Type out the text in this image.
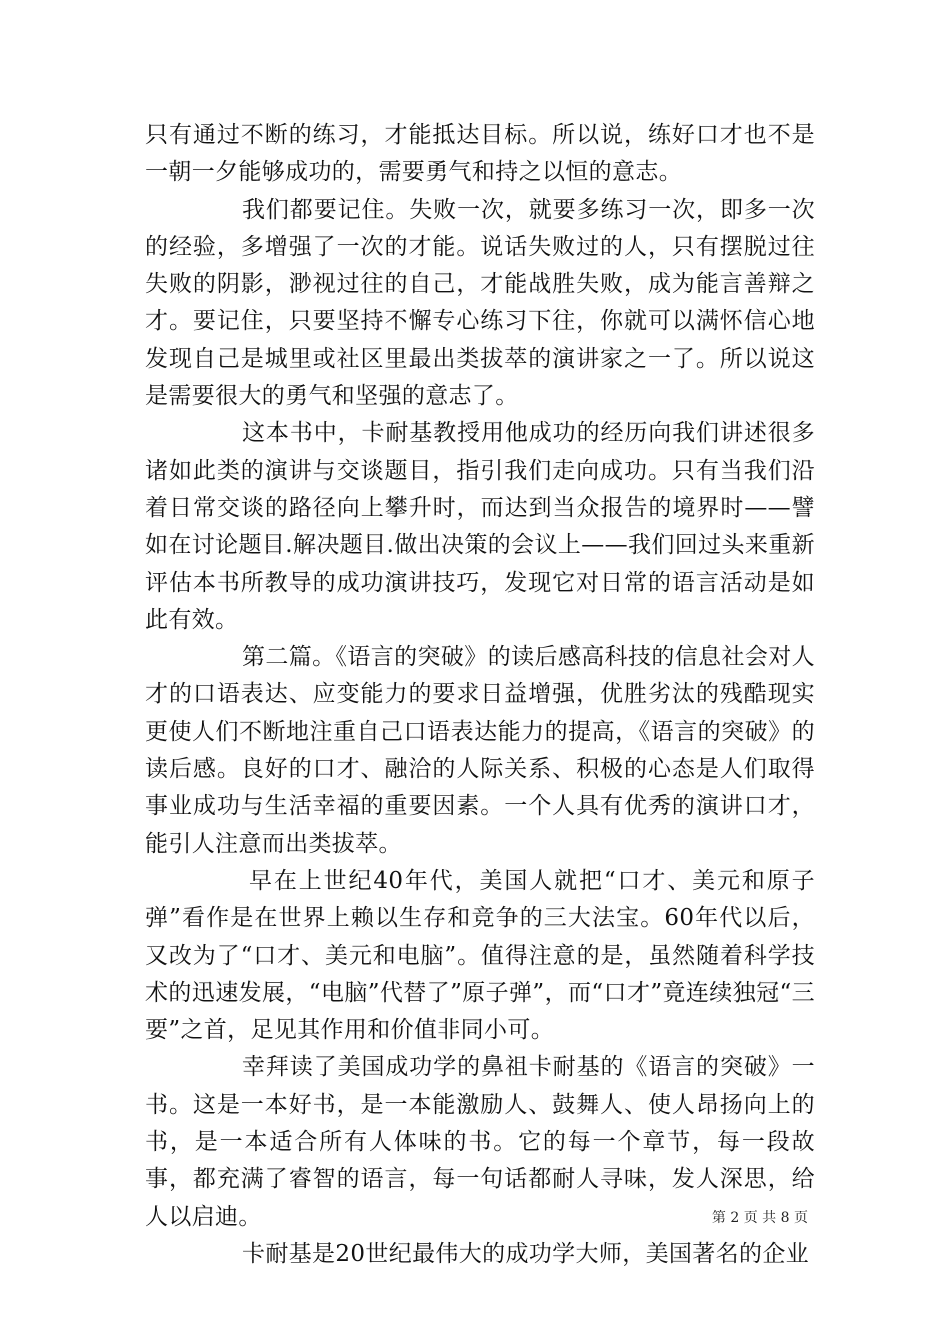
只有通过不断的练习，才能抵达目标。所以说，练好口才也不是一朝一夕能够成功的，需要勇气和持之以恒的意志。

我们都要记住。失败一次，就要多练习一次，即多一次的经验，多增强了一次的才能。说话失败过的人，只有摆脱过往失败的阴影，渺视过往的自己，才能战胜失败，成为能言善辩之才。要记住，只要坚持不懈专心练习下往，你就可以满怀信心地发现自己是城里或社区里最出类拔萃的演讲家之一了。所以说这是需要很大的勇气和坚强的意志了。

这本书中，卡耐基教授用他成功的经历向我们讲述很多诸如此类的演讲与交谈题目，指引我们走向成功。只有当我们沿着日常交谈的路径向上攀升时，而达到当众报告的境界时——譬如在讨论题目.解决题目.做出决策的会议上——我们回过头来重新评估本书所教导的成功演讲技巧，发现它对日常的语言活动是如此有效。

第二篇。《语言的突破》的读后感高科技的信息社会对人才的口语表达、应变能力的要求日益增强，优胜劣汰的残酷现实更使人们不断地注重自己口语表达能力的提高，《语言的突破》的读后感。良好的口才、融洽的人际关系、积极的心态是人们取得事业成功与生活幸福的重要因素。一个人具有优秀的演讲口才，能引人注意而出类拔萃。

早在上世纪40年代，美国人就把“口才、美元和原子弹”看作是在世界上赖以生存和竞争的三大法宝。60年代以后，又改为了“口才、美元和电脑”。值得注意的是，虽然随着科学技术的迅速发展，“电脑”代替了”原子弹”，而“口才”竟连续独冠“三要”之首，足见其作用和价值非同小可。

幸拜读了美国成功学的鼻祖卡耐基的《语言的突破》一书。这是一本好书，是一本能激励人、鼓舞人、使人昂扬向上的书，是一本适合所有人体味的书。它的每一个章节，每一段故事，都充满了睿智的语言，每一句话都耐人寻味，发人深思，给人以启迪。

卡耐基是20世纪最伟大的成功学大师，美国著名的企业

第 2 页 共 8 页
